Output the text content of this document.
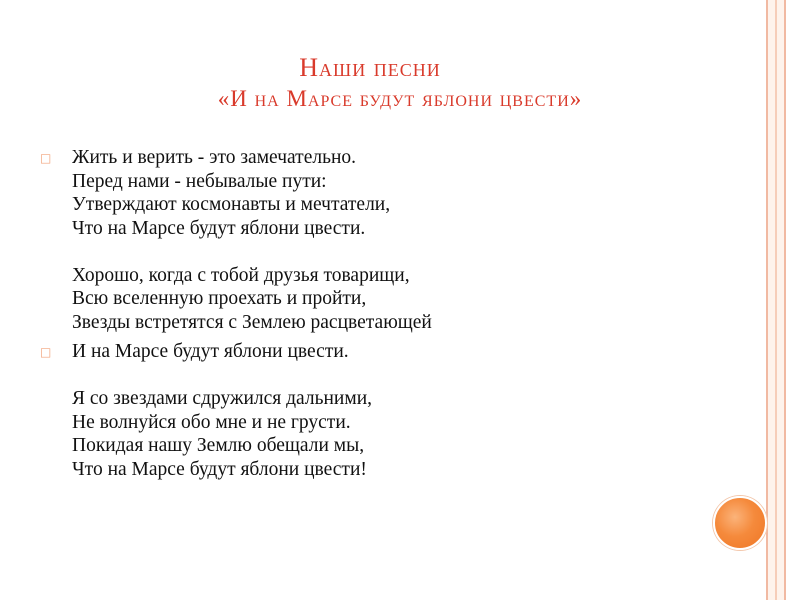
Наши песни
«И на Марсе будут яблони цвести»
□ Жить и верить - это замечательно.
Перед нами - небывалые пути:
Утверждают космонавты и мечтатели,
Что на Марсе будут яблони цвести.
Хорошо, когда с тобой друзья товарищи,
Всю вселенную проехать и пройти,
Звезды встретятся с Землею расцветающей
□ И на Марсе будут яблони цвести.
Я со звездами сдружился дальними,
Не волнуйся обо мне и не грусти.
Покидая нашу Землю обещали мы,
Что на Марсе будут яблони цвести!
